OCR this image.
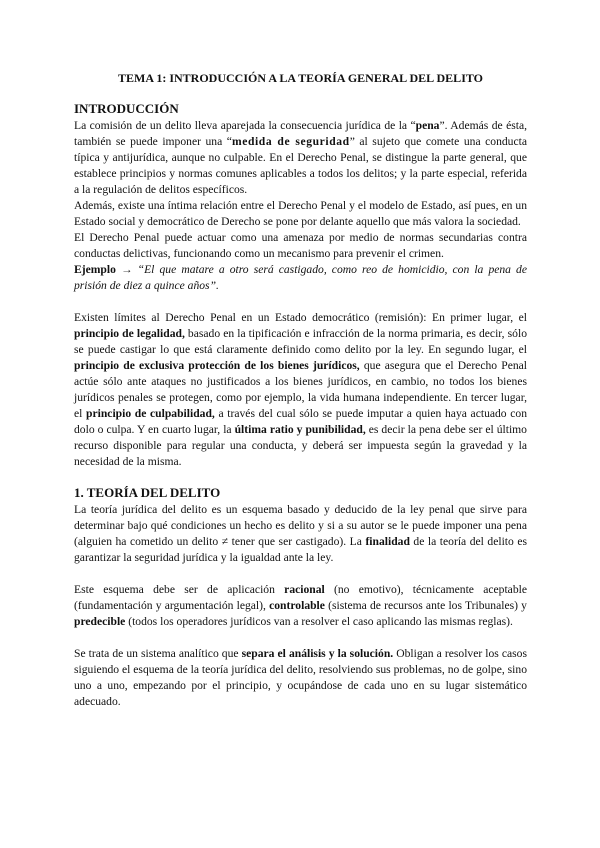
TEMA 1: INTRODUCCIÓN A LA TEORÍA GENERAL DEL DELITO
INTRODUCCIÓN

La comisión de un delito lleva aparejada la consecuencia jurídica de la “pena”. Además de ésta, también se puede imponer una “medida de seguridad” al sujeto que comete una conducta típica y antijurídica, aunque no culpable. En el Derecho Penal, se distingue la parte general, que establece principios y normas comunes aplicables a todos los delitos; y la parte especial, referida a la regulación de delitos específicos.

Además, existe una íntima relación entre el Derecho Penal y el modelo de Estado, así pues, en un Estado social y democrático de Derecho se pone por delante aquello que más valora la sociedad.

El Derecho Penal puede actuar como una amenaza por medio de normas secundarias contra conductas delictivas, funcionando como un mecanismo para prevenir el crimen.

Ejemplo → “El que matare a otro será castigado, como reo de homicidio, con la pena de prisión de diez a quince años”.

Existen límites al Derecho Penal en un Estado democrático (remisión): En primer lugar, el principio de legalidad, basado en la tipificación e infracción de la norma primaria, es decir, sólo se puede castigar lo que está claramente definido como delito por la ley. En segundo lugar, el principio de exclusiva protección de los bienes jurídicos, que asegura que el Derecho Penal actúe sólo ante ataques no justificados a los bienes jurídicos, en cambio, no todos los bienes jurídicos penales se protegen, como por ejemplo, la vida humana independiente. En tercer lugar, el principio de culpabilidad, a través del cual sólo se puede imputar a quien haya actuado con dolo o culpa. Y en cuarto lugar, la última ratio y punibilidad, es decir la pena debe ser el último recurso disponible para regular una conducta, y deberá ser impuesta según la gravedad y la necesidad de la misma.

1. TEORÍA DEL DELITO

La teoría jurídica del delito es un esquema basado y deducido de la ley penal que sirve para determinar bajo qué condiciones un hecho es delito y si a su autor se le puede imponer una pena (alguien ha cometido un delito ≠ tener que ser castigado). La finalidad de la teoría del delito es garantizar la seguridad jurídica y la igualdad ante la ley.

Este esquema debe ser de aplicación racional (no emotivo), técnicamente aceptable (fundamentación y argumentación legal), controlable (sistema de recursos ante los Tribunales) y predecible (todos los operadores jurídicos van a resolver el caso aplicando las mismas reglas).

Se trata de un sistema analítico que separa el análisis y la solución. Obligan a resolver los casos siguiendo el esquema de la teoría jurídica del delito, resolviendo sus problemas, no de golpe, sino uno a uno, empezando por el principio, y ocupándose de cada uno en su lugar sistemático adecuado.
